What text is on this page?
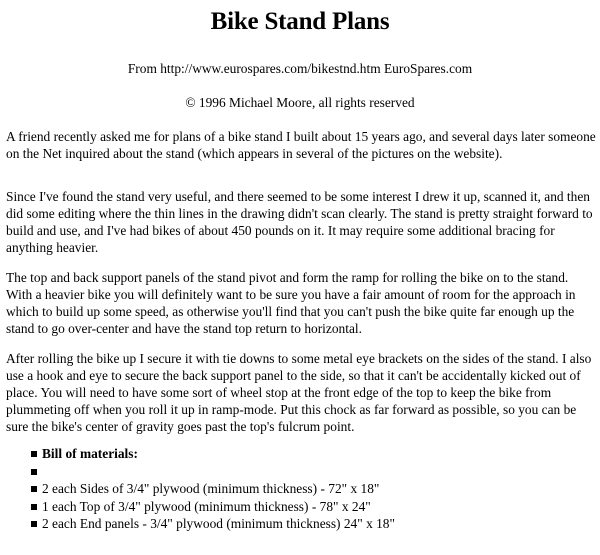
Bike Stand Plans
From http://www.eurospares.com/bikestnd.htm EuroSpares.com
© 1996 Michael Moore, all rights reserved

A friend recently asked me for plans of a bike stand I built about 15 years ago, and several days later someone on the Net inquired about the stand (which appears in several of the pictures on the website).

Since I've found the stand very useful, and there seemed to be some interest I drew it up, scanned it, and then did some editing where the thin lines in the drawing didn't scan clearly. The stand is pretty straight forward to build and use, and I've had bikes of about 450 pounds on it. It may require some additional bracing for anything heavier.

The top and back support panels of the stand pivot and form the ramp for rolling the bike on to the stand. With a heavier bike you will definitely want to be sure you have a fair amount of room for the approach in which to build up some speed, as otherwise you'll find that you can't push the bike quite far enough up the stand to go over-center and have the stand top return to horizontal.

After rolling the bike up I secure it with tie downs to some metal eye brackets on the sides of the stand. I also use a hook and eye to secure the back support panel to the side, so that it can't be accidentally kicked out of place. You will need to have some sort of wheel stop at the front edge of the top to keep the bike from plummeting off when you roll it up in ramp-mode. Put this chock as far forward as possible, so you can be sure the bike's center of gravity goes past the top's fulcrum point.

Bill of materials:
2 each Sides of 3/4" plywood (minimum thickness) - 72" x 18"
1 each Top of 3/4" plywood (minimum thickness) - 78" x 24"
2 each End panels - 3/4" plywood (minimum thickness) 24" x 18"
